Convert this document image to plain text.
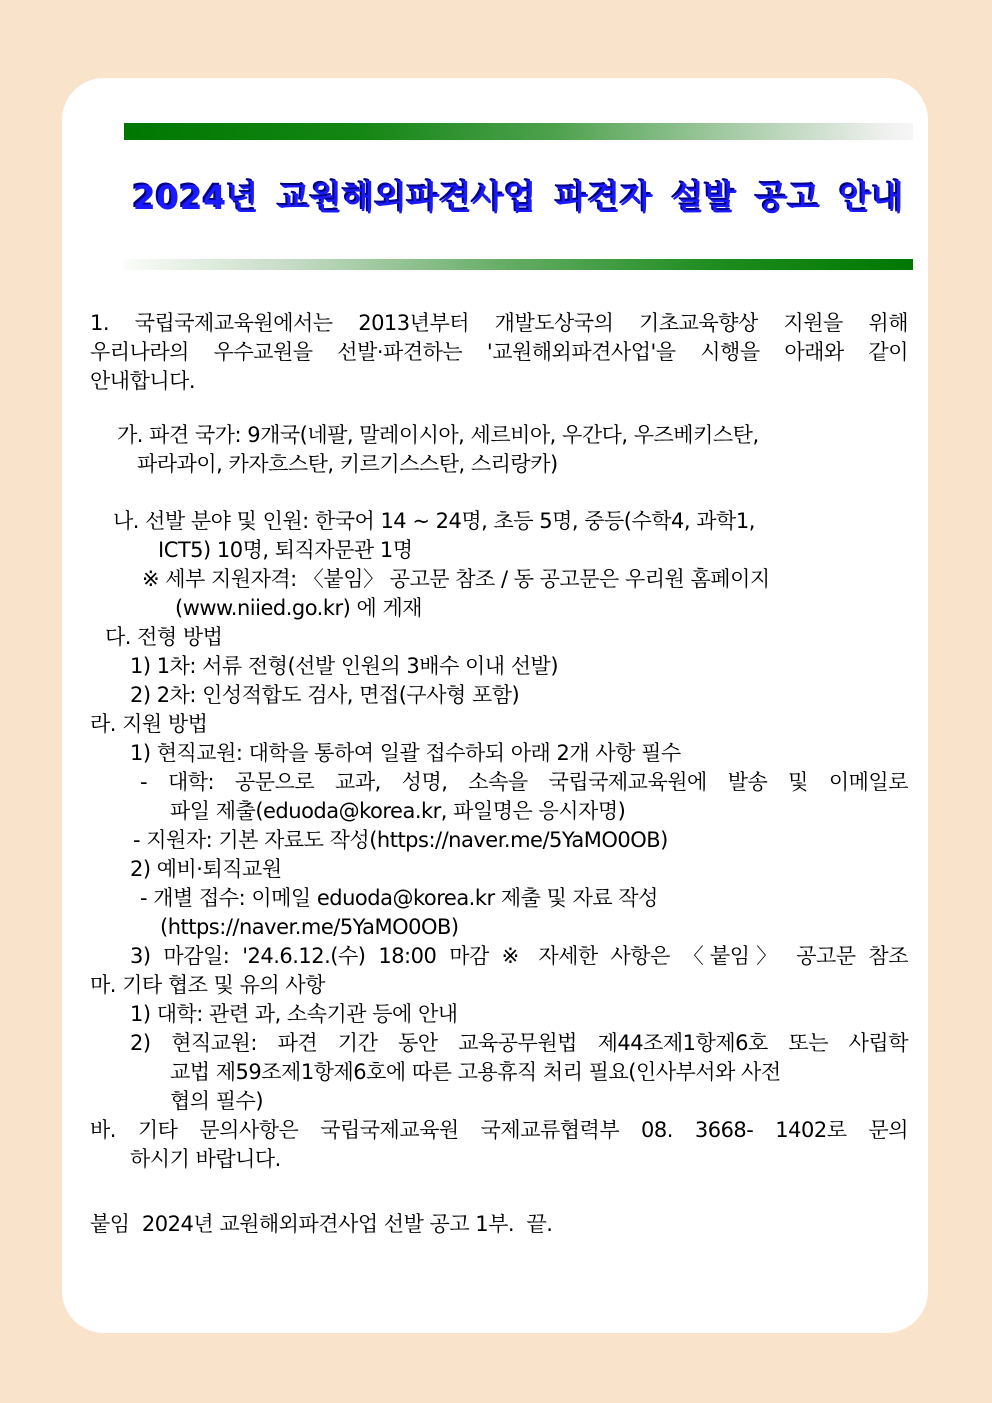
2024년 교원해외파견사업 파견자 설발 공고 안내
1. 국립국제교육원에서는 2013년부터 개발도상국의 기초교육향상 지원을 위해
우리나라의 우수교원을 선발·파견하는 '교원해외파견사업'을 시행을 아래와 같이
안내합니다.
가. 파견 국가: 9개국(네팔, 말레이시아, 세르비아, 우간다, 우즈베키스탄,
파라과이, 카자흐스탄, 키르기스스탄, 스리랑카)
나. 선발 분야 및 인원: 한국어 14 ~ 24명, 초등 5명, 중등(수학4, 과학1,
ICT5) 10명, 퇴직자문관 1명
※ 세부 지원자격: 〈붙임〉 공고문 참조 / 동 공고문은 우리원 홈페이지
(www.niied.go.kr) 에 게재
다. 전형 방법
1) 1차: 서류 전형(선발 인원의 3배수 이내 선발)
2) 2차: 인성적합도 검사, 면접(구사형 포함)
라. 지원 방법
1) 현직교원: 대학을 통하여 일괄 접수하되 아래 2개 사항 필수
- 대학: 공문으로 교과, 성명, 소속을 국립국제교육원에 발송 및 이메일로
파일 제출(eduoda@korea.kr, 파일명은 응시자명)
- 지원자: 기본 자료도 작성(https://naver.me/5YaMO0OB)
2) 예비·퇴직교원
- 개별 접수: 이메일 eduoda@korea.kr 제출 및 자료 작성
(https://naver.me/5YaMO0OB)
3) 마감일: '24.6.12.(수) 18:00 마감 ※ 자세한 사항은 〈붙임〉 공고문 참조
마. 기타 협조 및 유의 사항
1) 대학: 관련 과, 소속기관 등에 안내
2) 현직교원: 파견 기간 동안 교육공무원법 제44조제1항제6호 또는 사립학
교법 제59조제1항제6호에 따른 고용휴직 처리 필요(인사부서와 사전
협의 필수)
바. 기타 문의사항은 국립국제교육원 국제교류협력부 08. 3668- 1402로 문의
하시기 바랍니다.
붙임  2024년 교원해외파견사업 선발 공고 1부.  끝.
